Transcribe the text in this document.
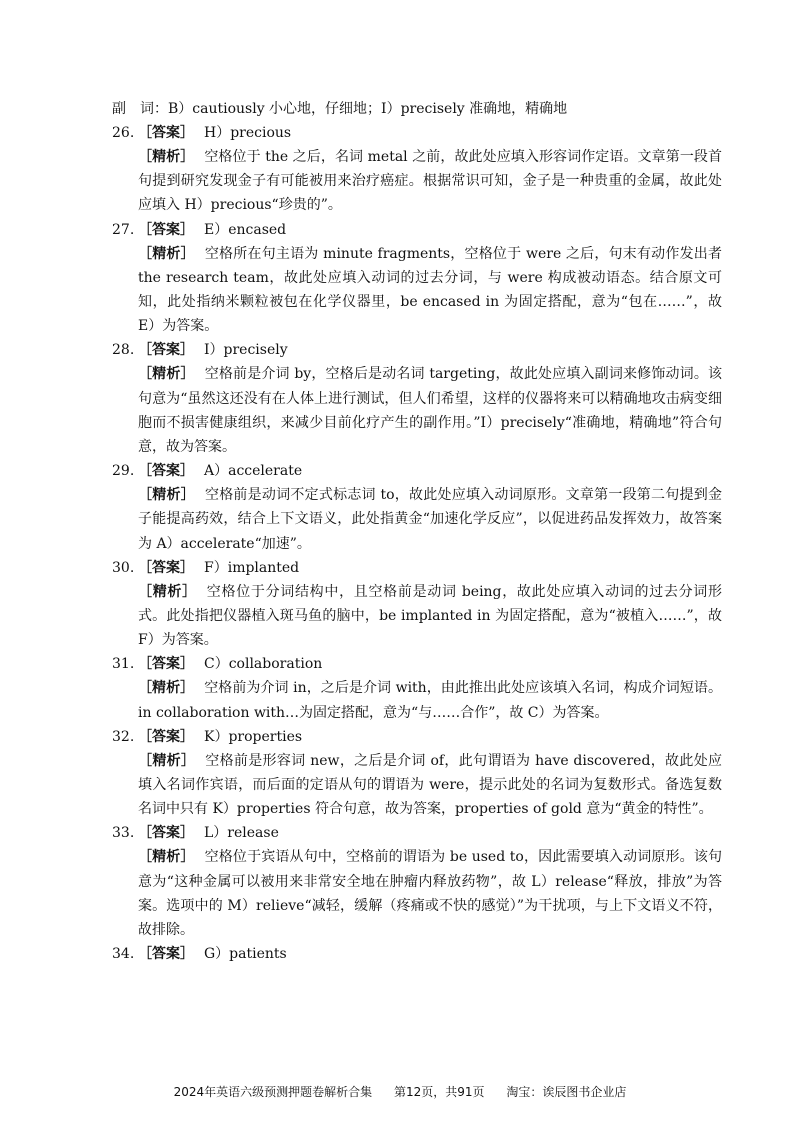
副　词：B）cautiously 小心地，仔细地；I）precisely 准确地，精确地
26. ［答案］ H）precious
［精析］ 空格位于 the 之后，名词 metal 之前，故此处应填入形容词作定语。文章第一段首句提到研究发现金子有可能被用来治疗癌症。根据常识可知，金子是一种贵重的金属，故此处应填入 H）precious“珍贵的”。
27. ［答案］ E）encased
［精析］ 空格所在句主语为 minute fragments，空格位于 were 之后，句末有动作发出者 the research team，故此处应填入动词的过去分词，与 were 构成被动语态。结合原文可知，此处指纳米颗粒被包在化学仪器里，be encased in 为固定搭配，意为“包在……”，故 E）为答案。
28. ［答案］ I）precisely
［精析］ 空格前是介词 by，空格后是动名词 targeting，故此处应填入副词来修饰动词。该句意为“虽然这还没有在人体上进行测试，但人们希望，这样的仪器将来可以精确地攻击病变细胞而不损害健康组织，来减少目前化疗产生的副作用。”I）precisely“准确地，精确地”符合句意，故为答案。
29. ［答案］ A）accelerate
［精析］ 空格前是动词不定式标志词 to，故此处应填入动词原形。文章第一段第二句提到金子能提高药效，结合上下文语义，此处指黄金“加速化学反应”，以促进药品发挥效力，故答案为 A）accelerate“加速”。
30. ［答案］ F）implanted
［精析］ 空格位于分词结构中，且空格前是动词 being，故此处应填入动词的过去分词形式。此处指把仪器植入斑马鱼的脑中，be implanted in 为固定搭配，意为“被植入……”，故 F）为答案。
31. ［答案］ C）collaboration
［精析］ 空格前为介词 in，之后是介词 with，由此推出此处应该填入名词，构成介词短语。in collaboration with…为固定搭配，意为“与……合作”，故 C）为答案。
32. ［答案］ K）properties
［精析］ 空格前是形容词 new，之后是介词 of，此句谓语为 have discovered，故此处应填入名词作宾语，而后面的定语从句的谓语为 were，提示此处的名词为复数形式。备选复数名词中只有 K）properties 符合句意，故为答案，properties of gold 意为“黄金的特性”。
33. ［答案］ L）release
［精析］ 空格位于宾语从句中，空格前的谓语为 be used to，因此需要填入动词原形。该句意为“这种金属可以被用来非常安全地在肿瘤内释放药物”，故 L）release“释放，排放”为答案。选项中的 M）relieve“减轻，缓解（疼痛或不快的感觉）”为干扰项，与上下文语义不符，故排除。
34. ［答案］ G）patients
2024年英语六级预测押题卷解析合集 第12页，共91页 淘宝：诶辰图书企业店
